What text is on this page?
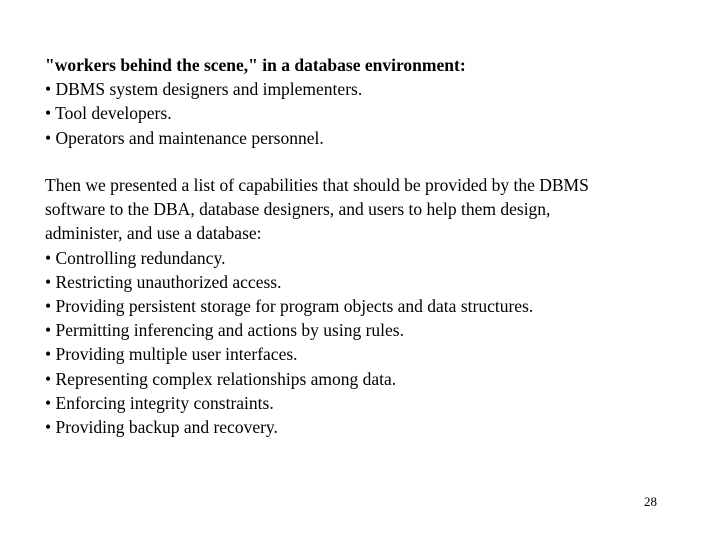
"workers behind the scene," in a database environment:
• DBMS system designers and implementers.
• Tool developers.
• Operators and maintenance personnel.
Then we presented a list of capabilities that should be provided by the DBMS
software to the DBA, database designers, and users to help them design,
administer, and use a database:
• Controlling redundancy.
• Restricting unauthorized access.
• Providing persistent storage for program objects and data structures.
• Permitting inferencing and actions by using rules.
• Providing multiple user interfaces.
• Representing complex relationships among data.
• Enforcing integrity constraints.
• Providing backup and recovery.
28
